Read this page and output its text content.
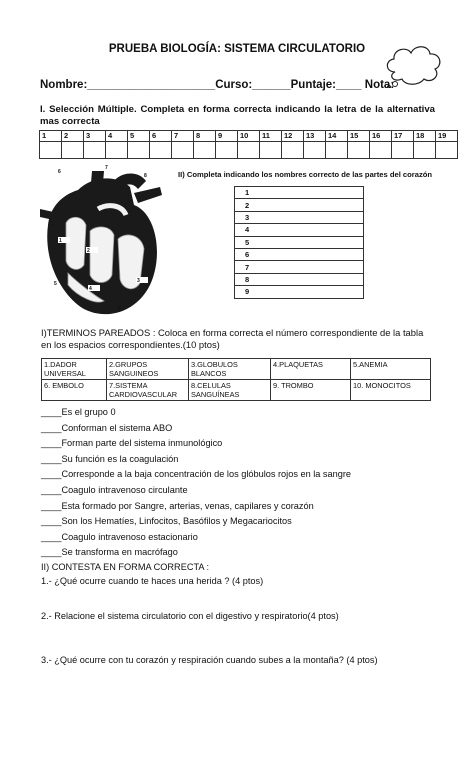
PRUEBA BIOLOGÍA: SISTEMA CIRCULATORIO
Nombre:____________________Curso:______Puntaje:____ Nota:
I. Selección Múltiple. Completa en forma correcta indicando la letra de la alternativa mas correcta
1	2	3	4	5	6	7	8	9	10	11	12	13	14	15	16	17	18	19

6
7
8
1
2
3
4
5
9
II) Completa indicando los nombres correcto de las partes del corazón
1
2
3
4
5
6
7
8
9
I)TERMINOS PAREADOS : Coloca en forma correcta el número correspondiente de la tabla en los espacios correspondientes.(10 ptos)
1.DADOR UNIVERSAL	2.GRUPOS SANGUINEOS	3.GLOBULOS BLANCOS	4.PLAQUETAS	5.ANEMIA
6. EMBOLO	7.SISTEMA CARDIOVASCULAR	8.CELULAS SANGUÍNEAS	9. TROMBO	10. MONOCITOS
____Es el grupo 0
____Conforman el sistema ABO
____Forman parte del sistema inmunológico
____Su función es la coagulación
____Corresponde a la baja concentración de los glóbulos rojos en la sangre
____Coagulo intravenoso circulante
____Esta formado por Sangre, arterias, venas, capilares y corazón
____Son los Hematíes, Linfocitos, Basófilos y Megacariocitos
____Coagulo intravenoso estacionario
____Se transforma en macrófago
II) CONTESTA EN FORMA CORRECTA :
1.- ¿Qué ocurre cuando te haces una herida ? (4 ptos)
2.- Relacione el sistema circulatorio con el digestivo y respiratorio(4 ptos)
3.- ¿Qué ocurre con tu corazón y respiración cuando subes a la montaña? (4 ptos)
